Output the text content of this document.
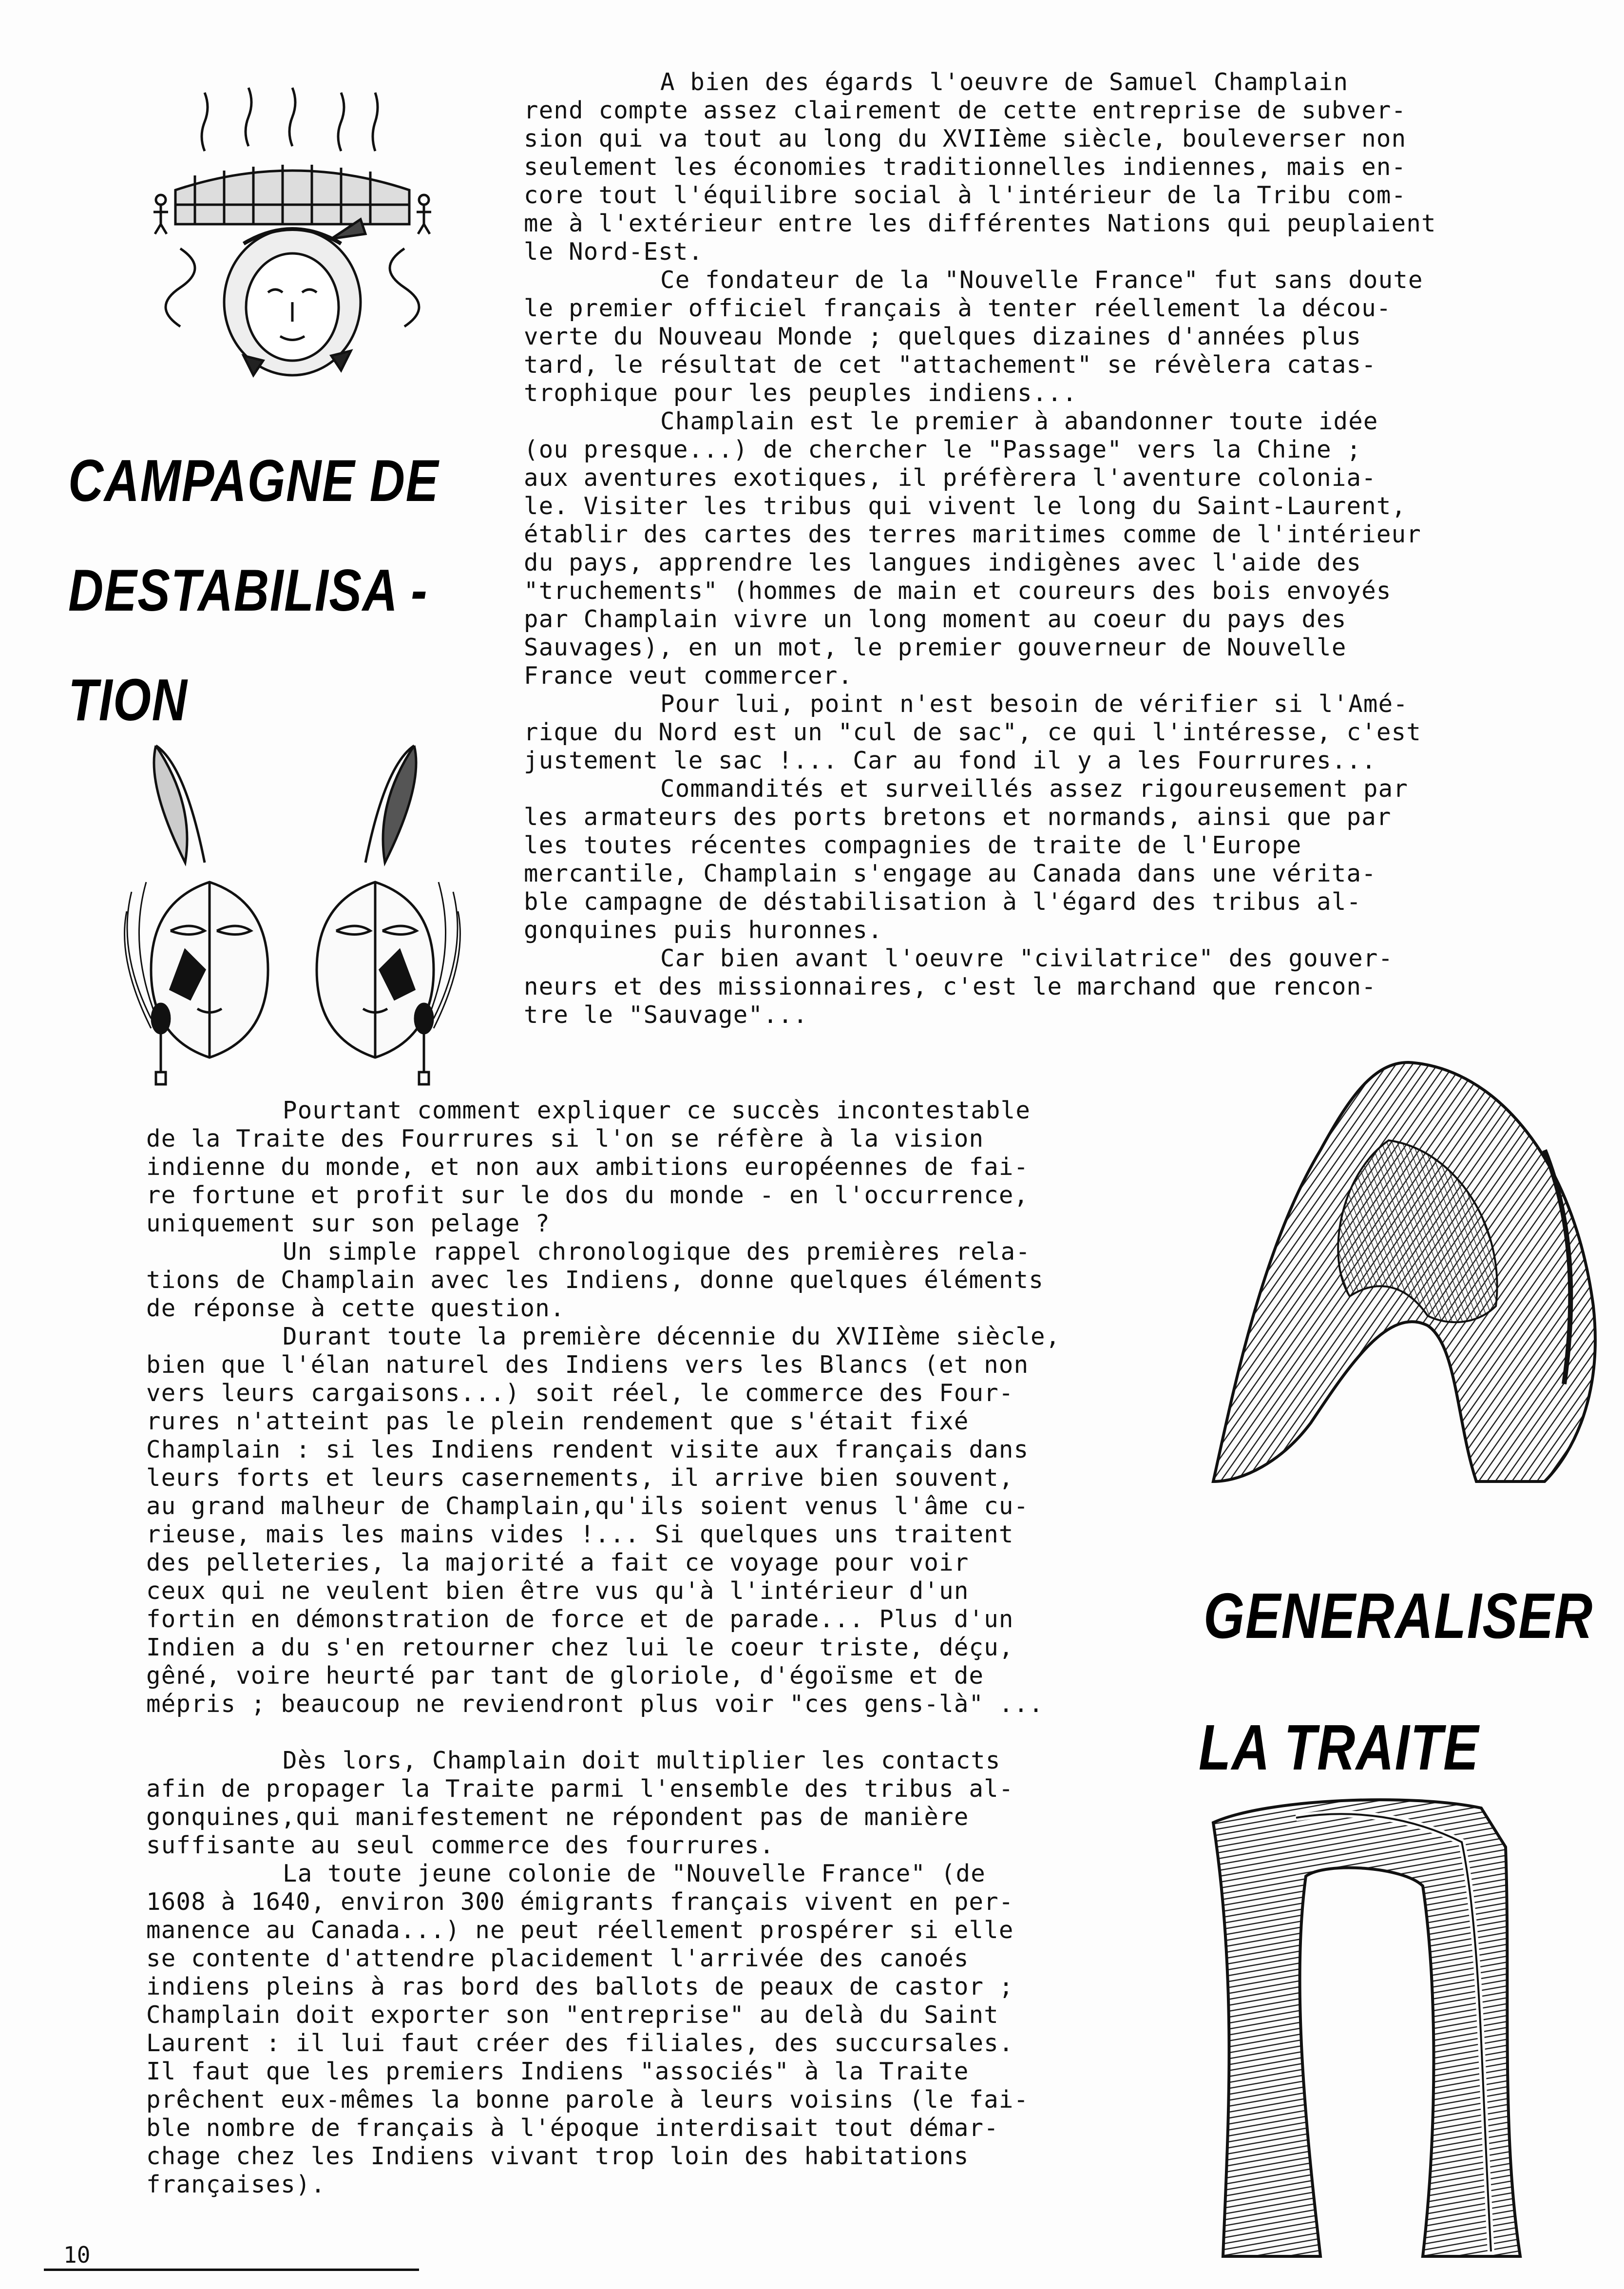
CAMPAGNE DE
DESTABILISA -
TION

A bien des égards l'oeuvre de Samuel Champlain
rend compte assez clairement de cette entreprise de subver-
sion qui va tout au long du XVIIème siècle, bouleverser non
seulement les économies traditionnelles indiennes, mais en-
core tout l'équilibre social à l'intérieur de la Tribu com-
me à l'extérieur entre les différentes Nations qui peuplaient
le Nord-Est.

Ce fondateur de la "Nouvelle France" fut sans doute
le premier officiel français à tenter réellement la décou-
verte du Nouveau Monde ; quelques dizaines d'années plus
tard, le résultat de cet "attachement" se révèlera catas-
trophique pour les peuples indiens...

Champlain est le premier à abandonner toute idée
(ou presque...) de chercher le "Passage" vers la Chine ;
aux aventures exotiques, il préfèrera l'aventure colonia-
le. Visiter les tribus qui vivent le long du Saint-Laurent,
établir des cartes des terres maritimes comme de l'intérieur
du pays, apprendre les langues indigènes avec l'aide des
"truchements" (hommes de main et coureurs des bois envoyés
par Champlain vivre un long moment au coeur du pays des
Sauvages), en un mot, le premier gouverneur de Nouvelle
France veut commercer.

Pour lui, point n'est besoin de vérifier si l'Amé-
rique du Nord est un "cul de sac", ce qui l'intéresse, c'est
justement le sac !... Car au fond il y a les Fourrures...

Commandités et surveillés assez rigoureusement par
les armateurs des ports bretons et normands, ainsi que par
les toutes récentes compagnies de traite de l'Europe
mercantile, Champlain s'engage au Canada dans une vérita-
ble campagne de déstabilisation à l'égard des tribus al-
gonquines puis huronnes.

Car bien avant l'oeuvre "civilatrice" des gouver-
neurs et des missionnaires, c'est le marchand que rencon-
tre le "Sauvage"...

Pourtant comment expliquer ce succès incontestable
de la Traite des Fourrures si l'on se réfère à la vision
indienne du monde, et non aux ambitions européennes de fai-
re fortune et profit sur le dos du monde - en l'occurrence,
uniquement sur son pelage ?

Un simple rappel chronologique des premières rela-
tions de Champlain avec les Indiens, donne quelques éléments
de réponse à cette question.

Durant toute la première décennie du XVIIème siècle,
bien que l'élan naturel des Indiens vers les Blancs (et non
vers leurs cargaisons...) soit réel, le commerce des Four-
rures n'atteint pas le plein rendement que s'était fixé
Champlain : si les Indiens rendent visite aux français dans
leurs forts et leurs casernements, il arrive bien souvent,
au grand malheur de Champlain,qu'ils soient venus l'âme cu-
rieuse, mais les mains vides !... Si quelques uns traitent
des pelleteries, la majorité a fait ce voyage pour voir
ceux qui ne veulent bien être vus qu'à l'intérieur d'un
fortin en démonstration de force et de parade... Plus d'un
Indien a du s'en retourner chez lui le coeur triste, déçu,
gêné, voire heurté par tant de gloriole, d'égoïsme et de
mépris ; beaucoup ne reviendront plus voir "ces gens-là" ...

Dès lors, Champlain doit multiplier les contacts
afin de propager la Traite parmi l'ensemble des tribus al-
gonquines,qui manifestement ne répondent pas de manière
suffisante au seul commerce des fourrures.

La toute jeune colonie de "Nouvelle France" (de
1608 à 1640, environ 300 émigrants français vivent en per-
manence au Canada...) ne peut réellement prospérer si elle
se contente d'attendre placidement l'arrivée des canoés
indiens pleins à ras bord des ballots de peaux de castor ;
Champlain doit exporter son "entreprise" au delà du Saint
Laurent : il lui faut créer des filiales, des succursales.
Il faut que les premiers Indiens "associés" à la Traite
prêchent eux-mêmes la bonne parole à leurs voisins (le fai-
ble nombre de français à l'époque interdisait tout démar-
chage chez les Indiens vivant trop loin des habitations
françaises).

GENERALISER
LA TRAITE
10
